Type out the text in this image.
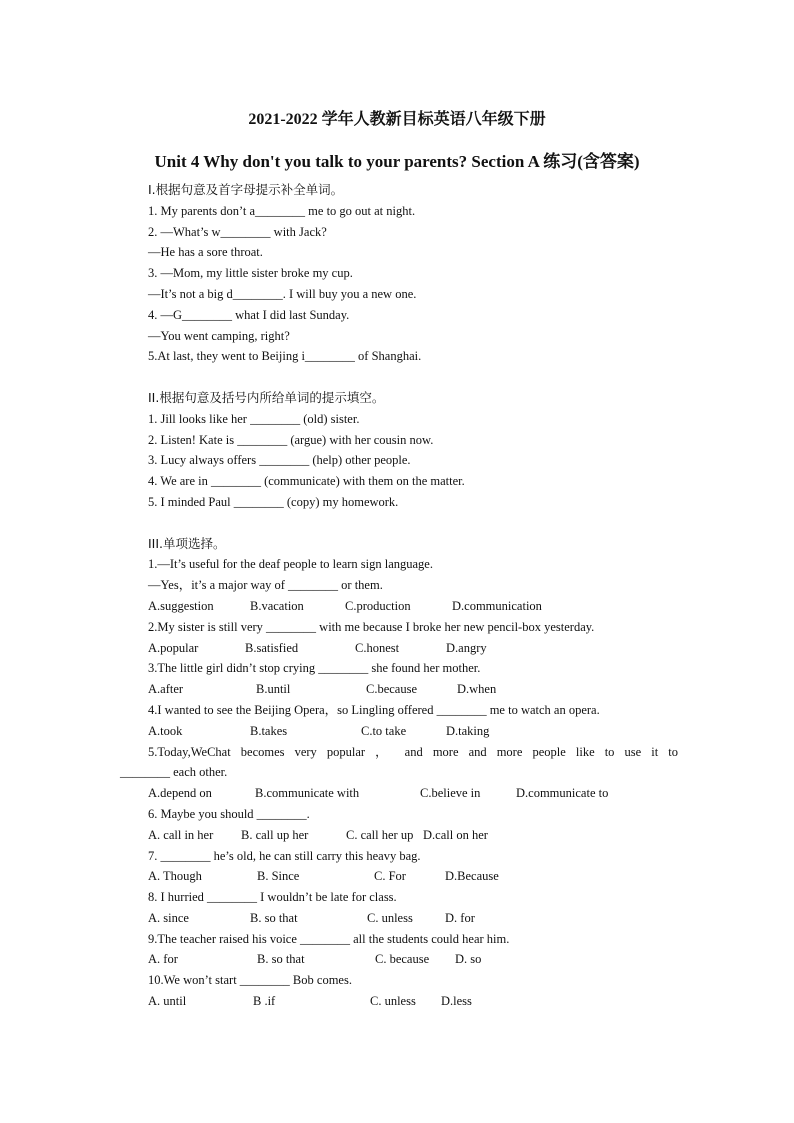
2021-2022 学年人教新目标英语八年级下册
Unit 4 Why don't you talk to your parents? Section A 练习(含答案)
I.根据句意及首字母提示补全单词。
1. My parents don’t a________ me to go out at night.
2. —What’s w________ with Jack?
—He has a sore throat.
3. —Mom, my little sister broke my cup.
—It’s not a big d________. I will buy you a new one.
4. —G________ what I did last Sunday.
—You went camping, right?
5.At last, they went to Beijing i________ of Shanghai.
II.根据句意及括号内所给单词的提示填空。
1. Jill looks like her ________ (old) sister.
2. Listen! Kate is ________ (argue) with her cousin now.
3. Lucy always offers ________ (help) other people.
4. We are in ________ (communicate) with them on the matter.
5. I minded Paul ________ (copy) my homework.
III.单项选择。
1.—It’s useful for the deaf people to learn sign language.
—Yes，it’s a major way of ________ or them.
A.suggestion	B.vacation	C.production	D.communication
2.My sister is still very ________ with me because I broke her new pencil-box yesterday.
A.popular	B.satisfied	C.honest	D.angry
3.The little girl didn’t stop crying ________ she found her mother.
A.after	B.until	C.because	D.when
4.I wanted to see the Beijing Opera，so Lingling offered ________ me to watch an opera.
A.took	B.takes	C.to take	D.taking
5.Today,WeChat becomes very popular ， and more and more people like to use it to
________ each other.
A.depend on	B.communicate with	C.believe in	D.communicate to
6. Maybe you should ________.
A. call in her	B. call up her	C. call her up D.call on her
7. ________ he’s old, he can still carry this heavy bag.
A. Though	B. Since	C. For	D.Because
8. I hurried ________ I wouldn’t be late for class.
A. since	B. so that	C. unless	D. for
9.The teacher raised his voice ________ all the students could hear him.
A. for	B. so that	C. because	D. so
10.We won’t start ________ Bob comes.
A. until	B .if	C. unless	D.less
